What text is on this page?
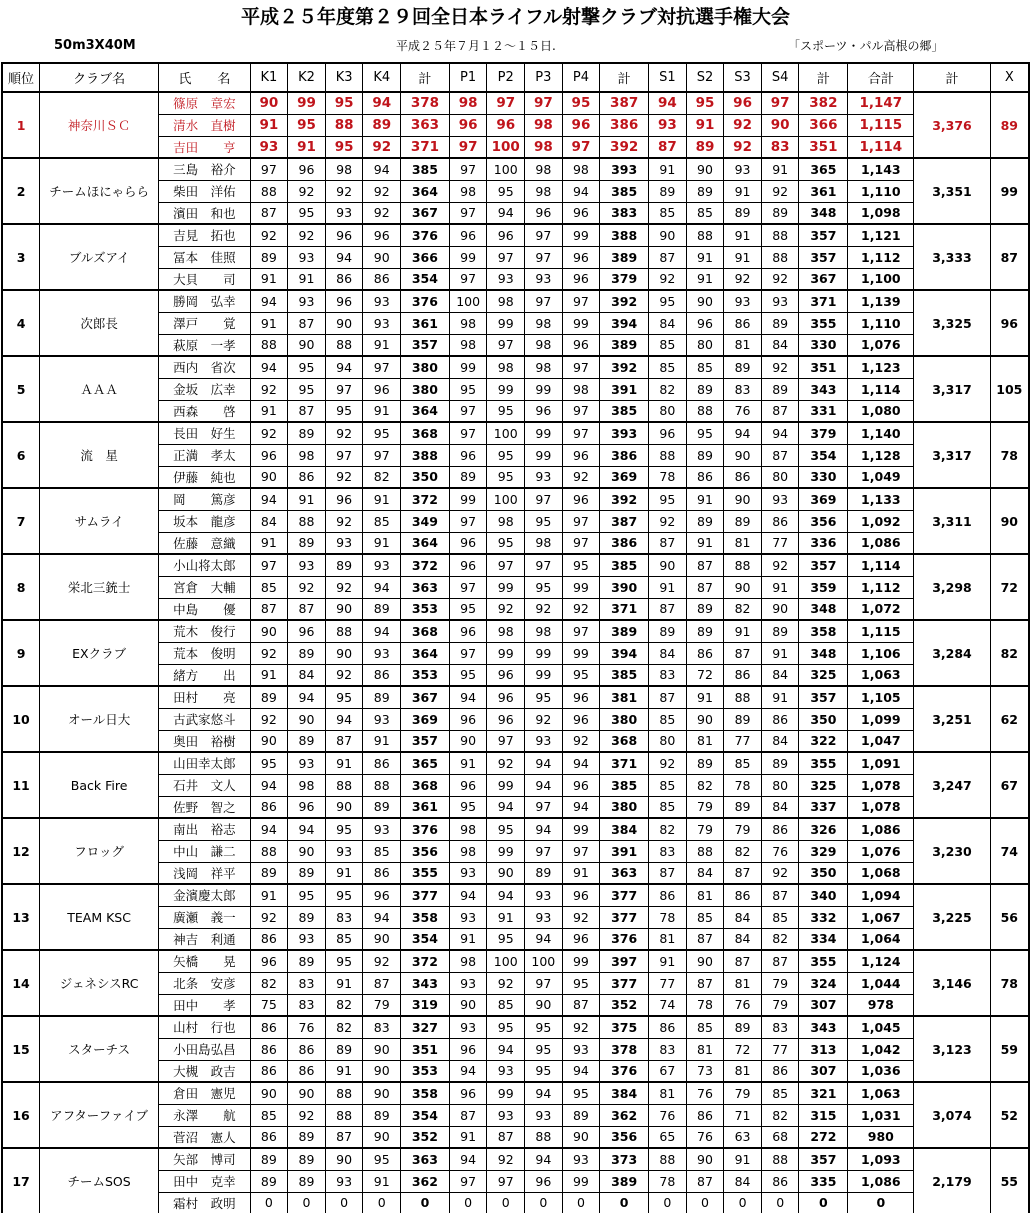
平成２５年度第２９回全日本ライフル射撃クラブ対抗選手権大会
50m3X40M	平成２５年７月１２～１５日.	「スポーツ・パル高根の郷」
順位	クラブ名	氏　　名	K1	K2	K3	K4	計	P1	P2	P3	P4	計	S1	S2	S3	S4	計	合計	計	X
1	神奈川ＳＣ	篠原　章宏	90	99	95	94	378	98	97	97	95	387	94	95	96	97	382	1,147	3,376	89
		清水　直樹	91	95	88	89	363	96	96	98	96	386	93	91	92	90	366	1,115		
		吉田　　亨	93	91	95	92	371	97	100	98	97	392	87	89	92	83	351	1,114		
2	チームほにゃらら	三島　裕介	97	96	98	94	385	97	100	98	98	393	91	90	93	91	365	1,143	3,351	99
		柴田　洋佑	88	92	92	92	364	98	95	98	94	385	89	89	91	92	361	1,110		
		濱田　和也	87	95	93	92	367	97	94	96	96	383	85	85	89	89	348	1,098		
3	ブルズアイ	吉見　拓也	92	92	96	96	376	96	96	97	99	388	90	88	91	88	357	1,121	3,333	87
		冨本　佳照	89	93	94	90	366	99	97	97	96	389	87	91	91	88	357	1,112		
		大貝　　司	91	91	86	86	354	97	93	93	96	379	92	91	92	92	367	1,100		
4	次郎長	勝岡　弘幸	94	93	96	93	376	100	98	97	97	392	95	90	93	93	371	1,139	3,325	96
		澤戸　　覚	91	87	90	93	361	98	99	98	99	394	84	96	86	89	355	1,110		
		萩原　一孝	88	90	88	91	357	98	97	98	96	389	85	80	81	84	330	1,076		
5	ＡＡＡ	西内　省次	94	95	94	97	380	99	98	98	97	392	85	85	89	92	351	1,123	3,317	105
		金坂　広幸	92	95	97	96	380	95	99	99	98	391	82	89	83	89	343	1,114		
		西森　　啓	91	87	95	91	364	97	95	96	97	385	80	88	76	87	331	1,080		
6	流　星	長田　好生	92	89	92	95	368	97	100	99	97	393	96	95	94	94	379	1,140	3,317	78
		正満　孝太	96	98	97	97	388	96	95	99	96	386	88	89	90	87	354	1,128		
		伊藤　純也	90	86	92	82	350	89	95	93	92	369	78	86	86	80	330	1,049		
7	サムライ	岡　　篤彦	94	91	96	91	372	99	100	97	96	392	95	91	90	93	369	1,133	3,311	90
		坂本　龍彦	84	88	92	85	349	97	98	95	97	387	92	89	89	86	356	1,092		
		佐藤　意織	91	89	93	91	364	96	95	98	97	386	87	91	81	77	336	1,086		
8	栄北三銃士	小山将太郎	97	93	89	93	372	96	97	97	95	385	90	87	88	92	357	1,114	3,298	72
		宮倉　大輔	85	92	92	94	363	97	99	95	99	390	91	87	90	91	359	1,112		
		中島　　優	87	87	90	89	353	95	92	92	92	371	87	89	82	90	348	1,072		
9	EXクラブ	荒木　俊行	90	96	88	94	368	96	98	98	97	389	89	89	91	89	358	1,115	3,284	82
		荒本　俊明	92	89	90	93	364	97	99	99	99	394	84	86	87	91	348	1,106		
		緒方　　出	91	84	92	86	353	95	96	99	95	385	83	72	86	84	325	1,063		
10	オール日大	田村　　亮	89	94	95	89	367	94	96	95	96	381	87	91	88	91	357	1,105	3,251	62
		古武家悠斗	92	90	94	93	369	96	96	92	96	380	85	90	89	86	350	1,099		
		奥田　裕樹	90	89	87	91	357	90	97	93	92	368	80	81	77	84	322	1,047		
11	Back Fire	山田幸太郎	95	93	91	86	365	91	92	94	94	371	92	89	85	89	355	1,091	3,247	67
		石井　文人	94	98	88	88	368	96	99	94	96	385	85	82	78	80	325	1,078		
		佐野　智之	86	96	90	89	361	95	94	97	94	380	85	79	89	84	337	1,078		
12	フロッグ	南出　裕志	94	94	95	93	376	98	95	94	99	384	82	79	79	86	326	1,086	3,230	74
		中山　謙二	88	90	93	85	356	98	99	97	97	391	83	88	82	76	329	1,076		
		浅岡　祥平	89	89	91	86	355	93	90	89	91	363	87	84	87	92	350	1,068		
13	TEAM KSC	金濱慶太郎	91	95	95	96	377	94	94	93	96	377	86	81	86	87	340	1,094	3,225	56
		廣瀬　義一	92	89	83	94	358	93	91	93	92	377	78	85	84	85	332	1,067		
		神吉　利通	86	93	85	90	354	91	95	94	96	376	81	87	84	82	334	1,064		
14	ジェネシスRC	矢橋　　晃	96	89	95	92	372	98	100	100	99	397	91	90	87	87	355	1,124	3,146	78
		北条　安彦	82	83	91	87	343	93	92	97	95	377	77	87	81	79	324	1,044		
		田中　　孝	75	83	82	79	319	90	85	90	87	352	74	78	76	79	307	978		
15	スターチス	山村　行也	86	76	82	83	327	93	95	95	92	375	86	85	89	83	343	1,045	3,123	59
		小田島弘昌	86	86	89	90	351	96	94	95	93	378	83	81	72	77	313	1,042		
		大槻　政吉	86	86	91	90	353	94	93	95	94	376	67	73	81	86	307	1,036		
16	アフターファイブ	倉田　憲児	90	90	88	90	358	96	99	94	95	384	81	76	79	85	321	1,063	3,074	52
		永澤　　航	85	92	88	89	354	87	93	93	89	362	76	86	71	82	315	1,031		
		菅沼　憲人	86	89	87	90	352	91	87	88	90	356	65	76	63	68	272	980		
17	チームSOS	矢部　博司	89	89	90	95	363	94	92	94	93	373	88	90	91	88	357	1,093	2,179	55
		田中　克幸	89	89	93	91	362	97	97	96	99	389	78	87	84	86	335	1,086		
		霜村　政明	0	0	0	0	0	0	0	0	0	0	0	0	0	0	0	0		
